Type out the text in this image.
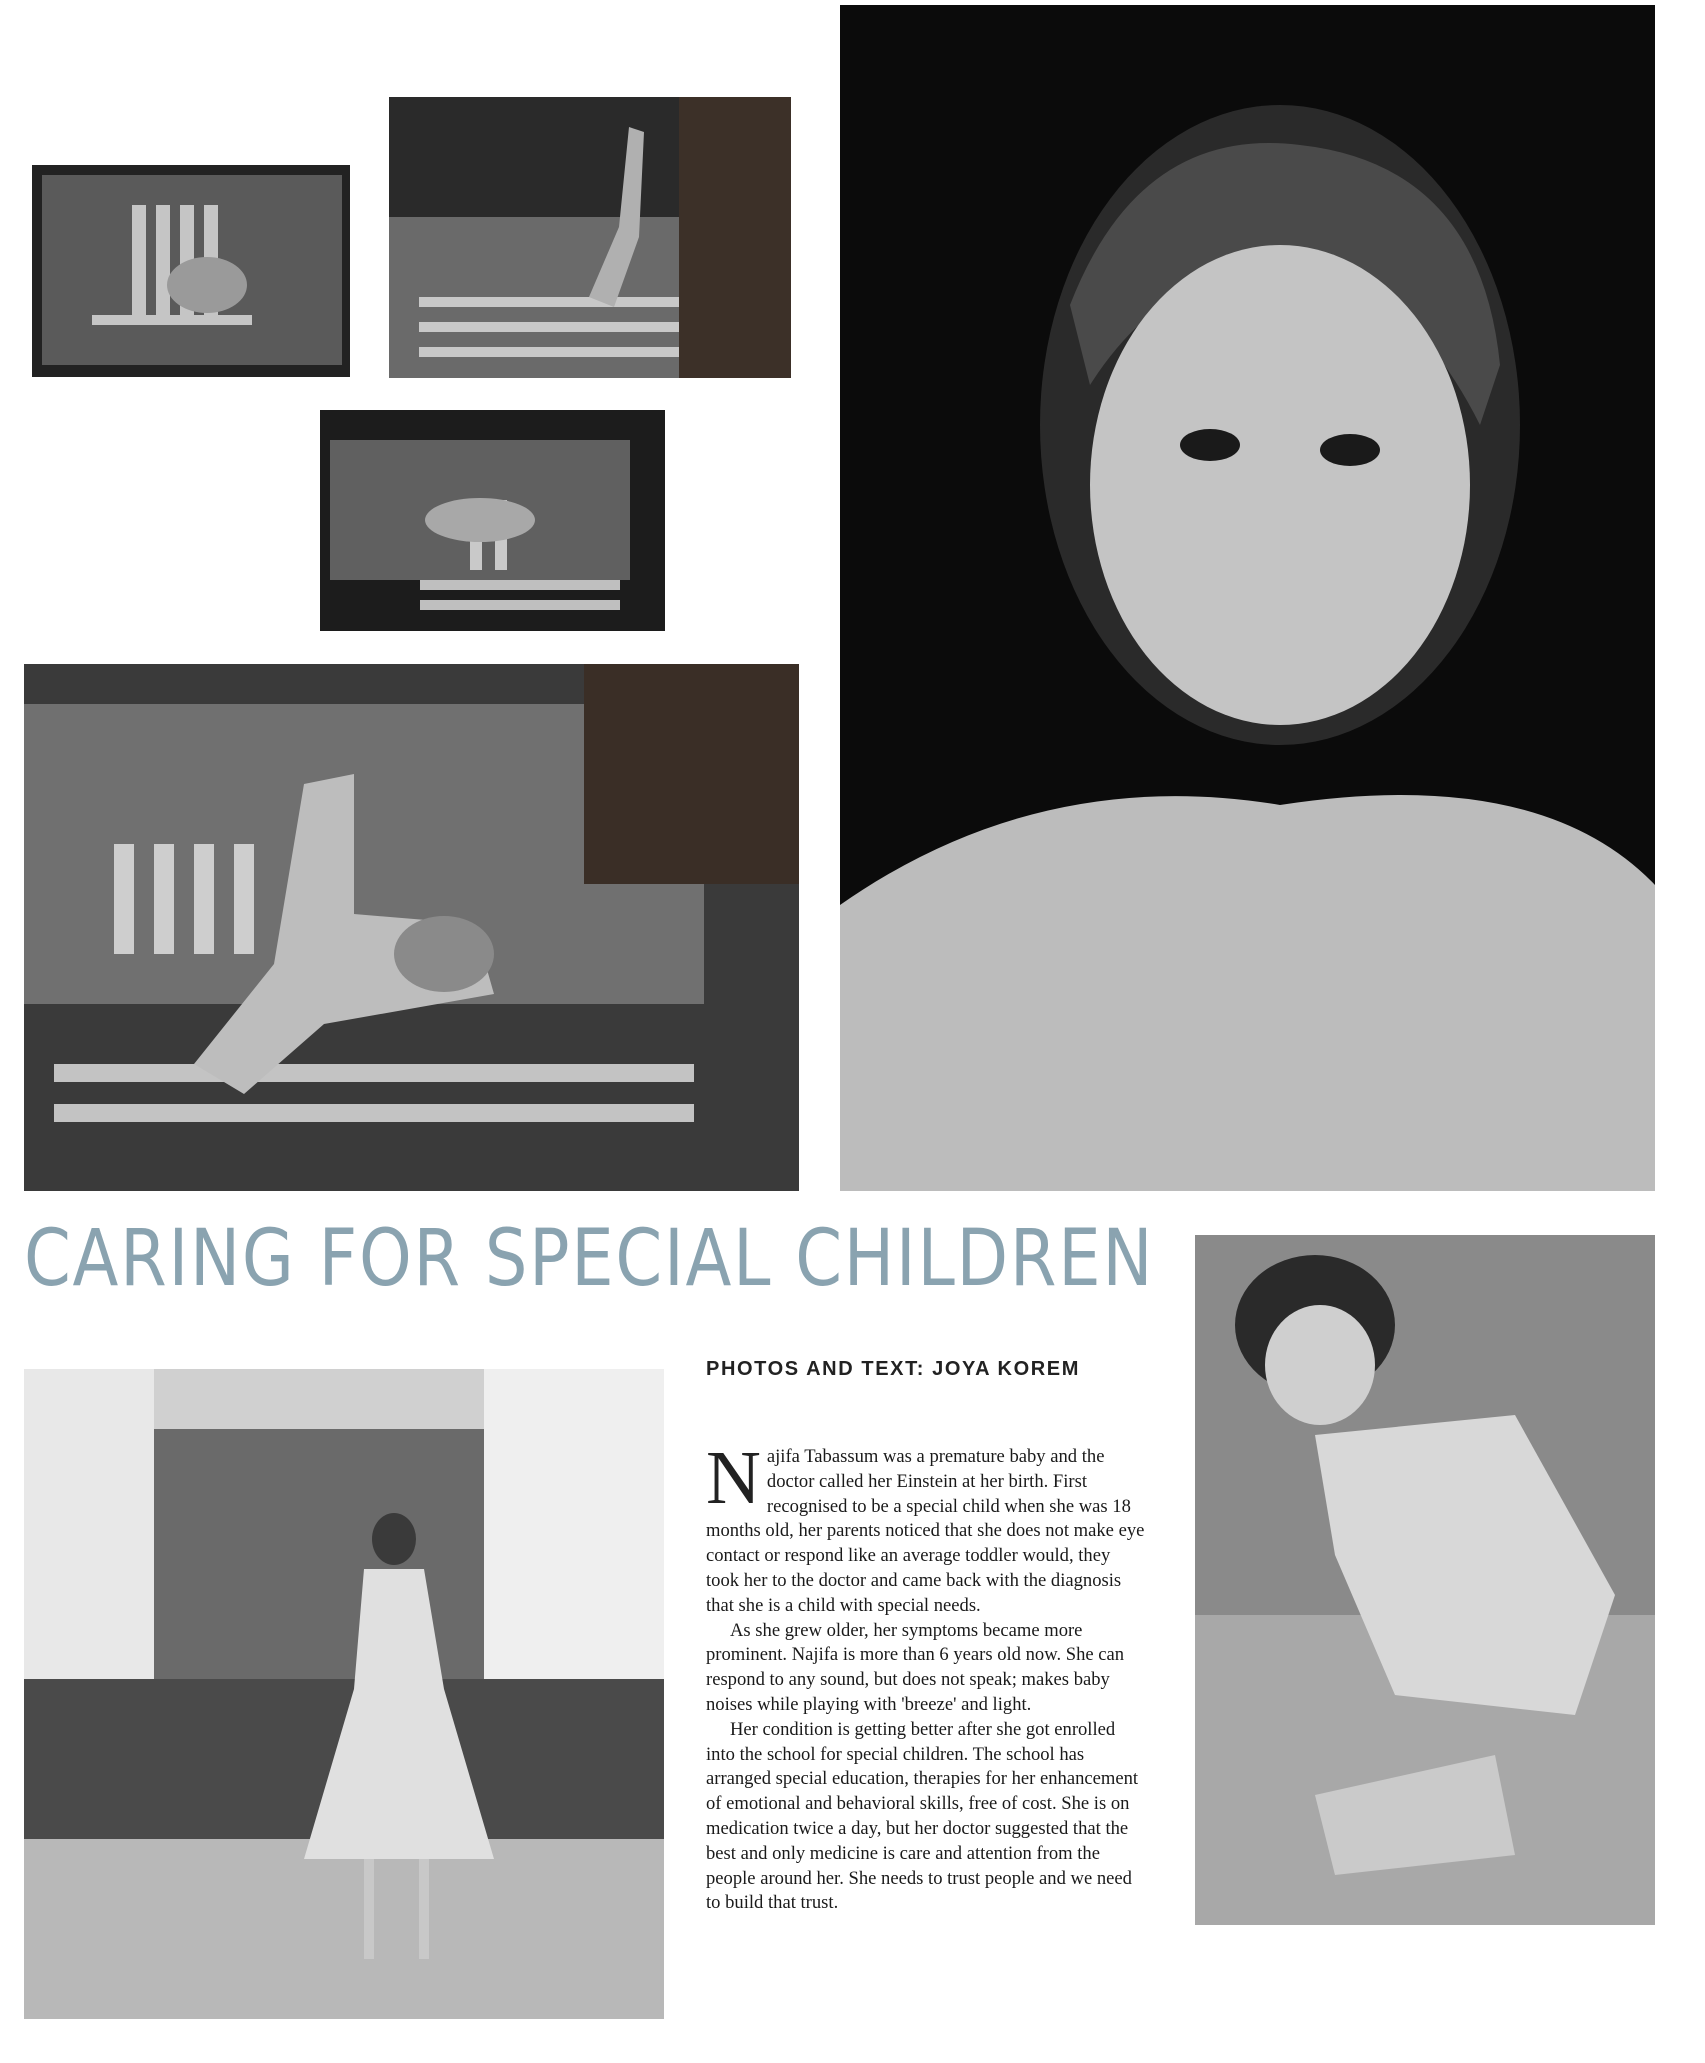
CARING FOR SPECIAL CHILDREN
PHOTOS AND TEXT: JOYA KOREM

Najifa Tabassum was a premature baby and the doctor called her Einstein at her birth. First recognised to be a special child when she was 18 months old, her parents noticed that she does not make eye contact or respond like an average toddler would, they took her to the doctor and came back with the diagnosis that she is a child with special needs.

As she grew older, her symptoms became more prominent. Najifa is more than 6 years old now. She can respond to any sound, but does not speak; makes baby noises while playing with 'breeze' and light.

Her condition is getting better after she got enrolled into the school for special children. The school has arranged special education, therapies for her enhancement of emotional and behavioral skills, free of cost. She is on medication twice a day, but her doctor suggested that the best and only medicine is care and attention from the people around her. She needs to trust people and we need to build that trust.
